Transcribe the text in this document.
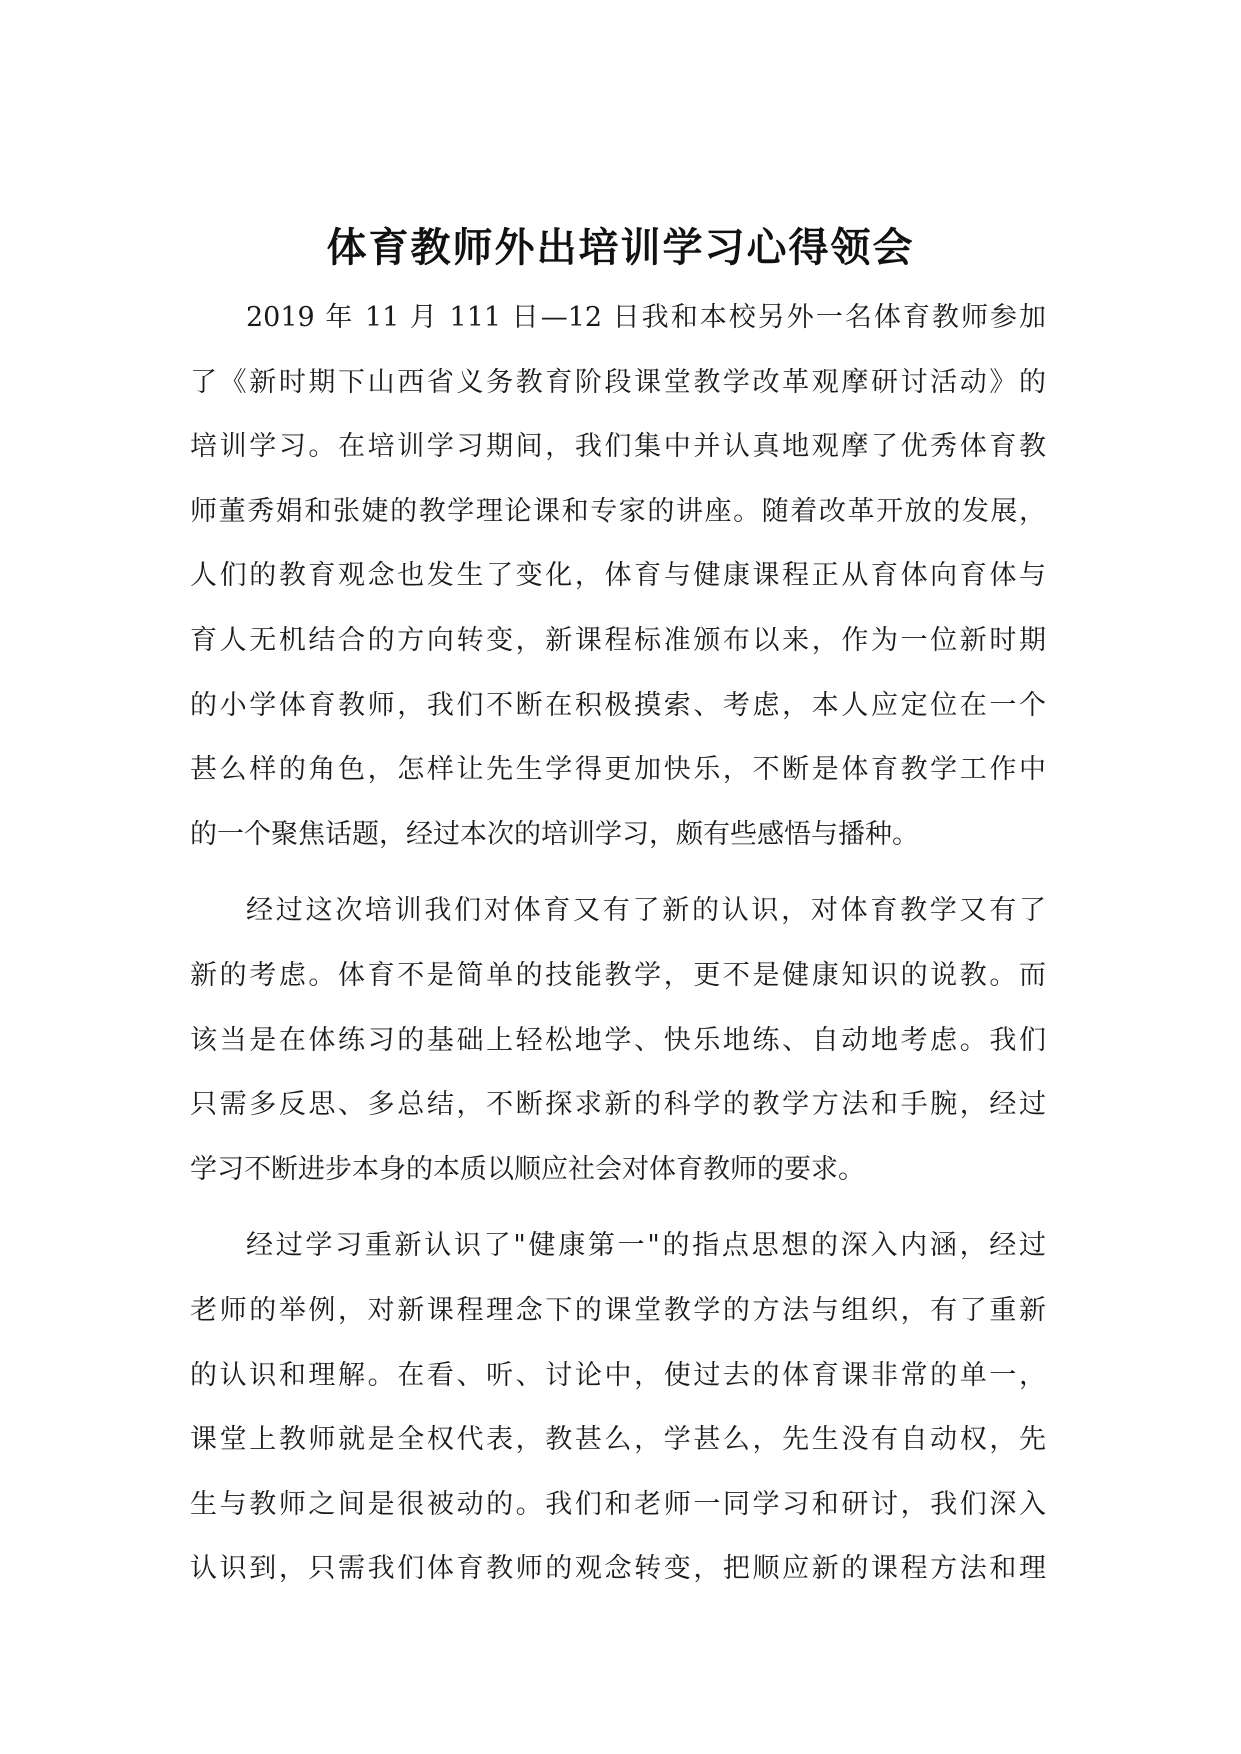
体育教师外出培训学习心得领会
2019 年 11 月 111 日—12 日我和本校另外一名体育教师参加
了《新时期下山西省义务教育阶段课堂教学改革观摩研讨活动》的
培训学习。在培训学习期间，我们集中并认真地观摩了优秀体育教
师董秀娟和张婕的教学理论课和专家的讲座。随着改革开放的发展，
人们的教育观念也发生了变化，体育与健康课程正从育体向育体与
育人无机结合的方向转变，新课程标准颁布以来，作为一位新时期
的小学体育教师，我们不断在积极摸索、考虑，本人应定位在一个
甚么样的角色，怎样让先生学得更加快乐，不断是体育教学工作中
的一个聚焦话题，经过本次的培训学习，颇有些感悟与播种。
经过这次培训我们对体育又有了新的认识，对体育教学又有了
新的考虑。体育不是简单的技能教学，更不是健康知识的说教。而
该当是在体练习的基础上轻松地学、快乐地练、自动地考虑。我们
只需多反思、多总结，不断探求新的科学的教学方法和手腕，经过
学习不断进步本身的本质以顺应社会对体育教师的要求。
经过学习重新认识了"健康第一"的指点思想的深入内涵，经过
老师的举例，对新课程理念下的课堂教学的方法与组织，有了重新
的认识和理解。在看、听、讨论中，使过去的体育课非常的单一，
课堂上教师就是全权代表，教甚么，学甚么，先生没有自动权，先
生与教师之间是很被动的。我们和老师一同学习和研讨，我们深入
认识到，只需我们体育教师的观念转变，把顺应新的课程方法和理
